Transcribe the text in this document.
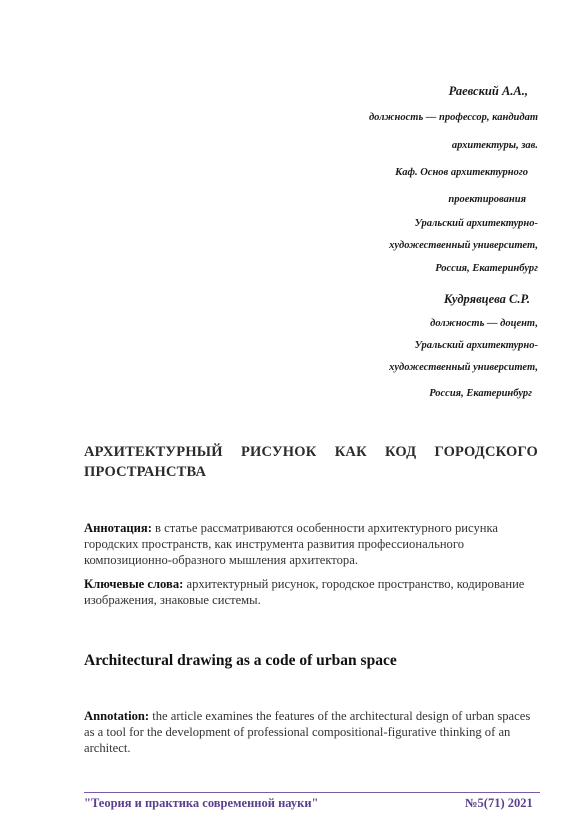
Раевский А.А.,
должность — профессор, кандидат
архитектуры, зав.
Каф. Основ архитектурного
проектирования
Уральский архитектурно-
художественный университет,
Россия, Екатеринбург
Кудрявцева С.Р.
должность — доцент,
Уральский архитектурно-
художественный университет,
Россия, Екатеринбург
АРХИТЕКТУРНЫЙ РИСУНОК КАК КОД ГОРОДСКОГО
ПРОСТРАНСТВА
Аннотация: в статье рассматриваются особенности архитектурного рисунка городских пространств, как инструмента развития профессионального композиционно-образного мышления архитектора.
Ключевые слова: архитектурный рисунок, городское пространство, кодирование изображения, знаковые системы.
Architectural drawing as a code of urban space
Annotation: the article examines the features of the architectural design of urban spaces as a tool for the development of professional compositional-figurative thinking of an architect.
"Теория и практика современной науки"	№5(71) 2021
